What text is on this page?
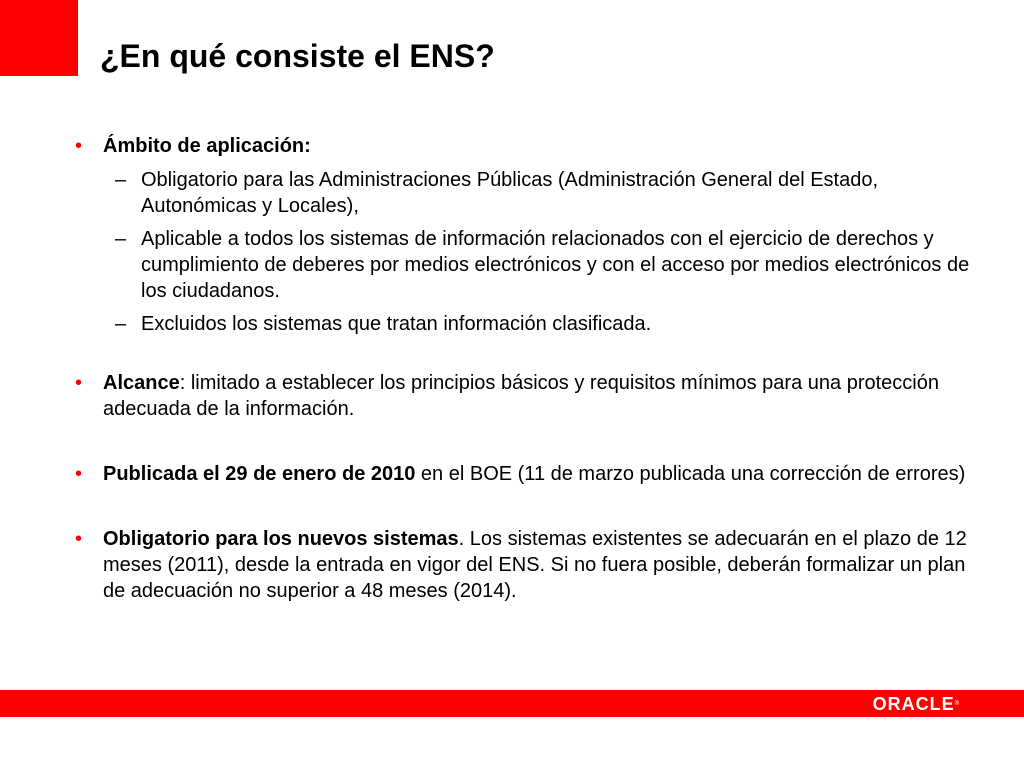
¿En qué consiste el ENS?
• Ámbito de aplicación:
– Obligatorio para las Administraciones Públicas (Administración General del Estado, Autonómicas y Locales),
– Aplicable a todos los sistemas de información relacionados con el ejercicio de derechos y cumplimiento de deberes por medios electrónicos y con el acceso por medios electrónicos de los ciudadanos.
– Excluidos los sistemas que tratan información clasificada.
• Alcance: limitado a establecer los principios básicos y requisitos mínimos para una protección adecuada de la información.
• Publicada el 29 de enero de 2010 en el BOE (11 de marzo publicada una corrección de errores)
• Obligatorio para los nuevos sistemas. Los sistemas existentes se adecuarán en el plazo de 12 meses (2011), desde la entrada en vigor del ENS. Si no fuera posible, deberán formalizar un plan de adecuación no superior a 48 meses (2014).
ORACLE®
